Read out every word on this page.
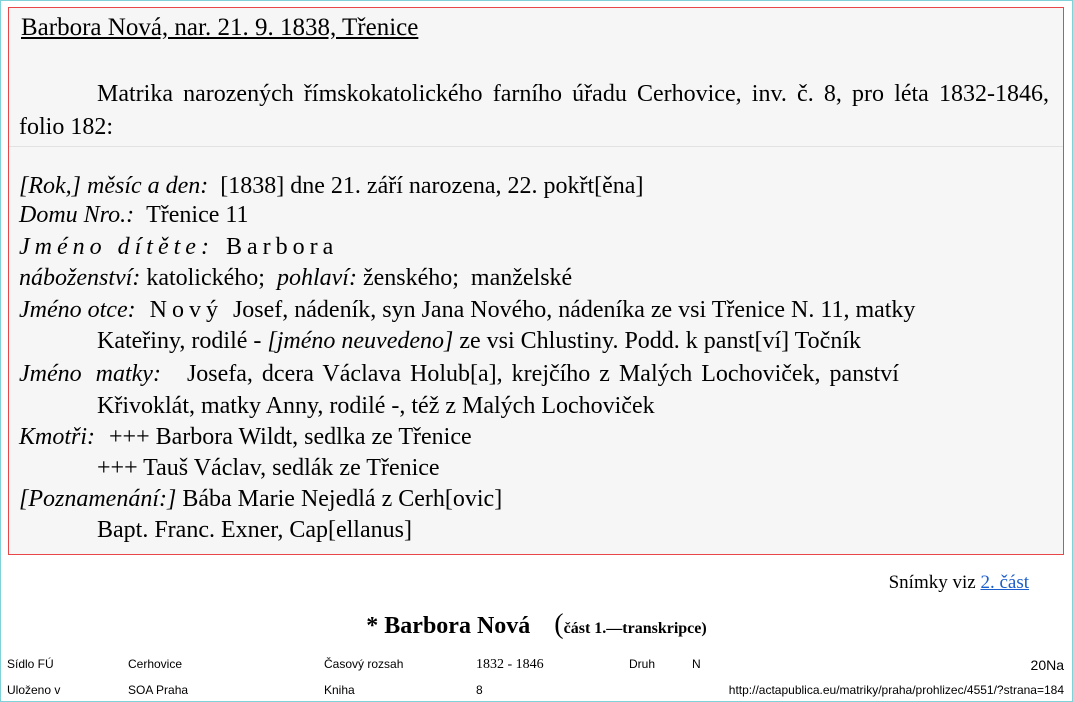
Barbora Nová, nar. 21. 9. 1838, Třenice
Matrika narozených římskokatolického farního úřadu Cerhovice, inv. č. 8, pro léta 1832-1846, folio 182:
[Rok,] měsíc a den: [1838] dne 21. září narozena, 22. pokřt[ěna]
Domu Nro.: Třenice 11
Jméno dítěte: Barbora
náboženství: katolického; pohlaví: ženského; manželské
Jméno otce: Nový Josef, nádeník, syn Jana Nového, nádeníka ze vsi Třenice N. 11, matky
Kateřiny, rodilé - [jméno neuvedeno] ze vsi Chlustiny. Podd. k panst[ví] Točník
Jméno matky: Josefa, dcera Václava Holub[a], krejčího z Malých Lochoviček, panství
Křivoklát, matky Anny, rodilé -, též z Malých Lochoviček
Kmotři: +++ Barbora Wildt, sedlka ze Třenice
+++ Tauš Václav, sedlák ze Třenice
[Poznamenání:] Bába Marie Nejedlá z Cerh[ovic]
Bapt. Franc. Exner, Cap[ellanus]
Snímky viz 2. část
* Barbora Nová (část 1.—transkripce)
Sídlo FÚ	Cerhovice	Časový rozsah	1832 - 1846	Druh	N	20Na
Uloženo v	SOA Praha	Kniha	8	http://actapublica.eu/matriky/praha/prohlizec/4551/?strana=184
